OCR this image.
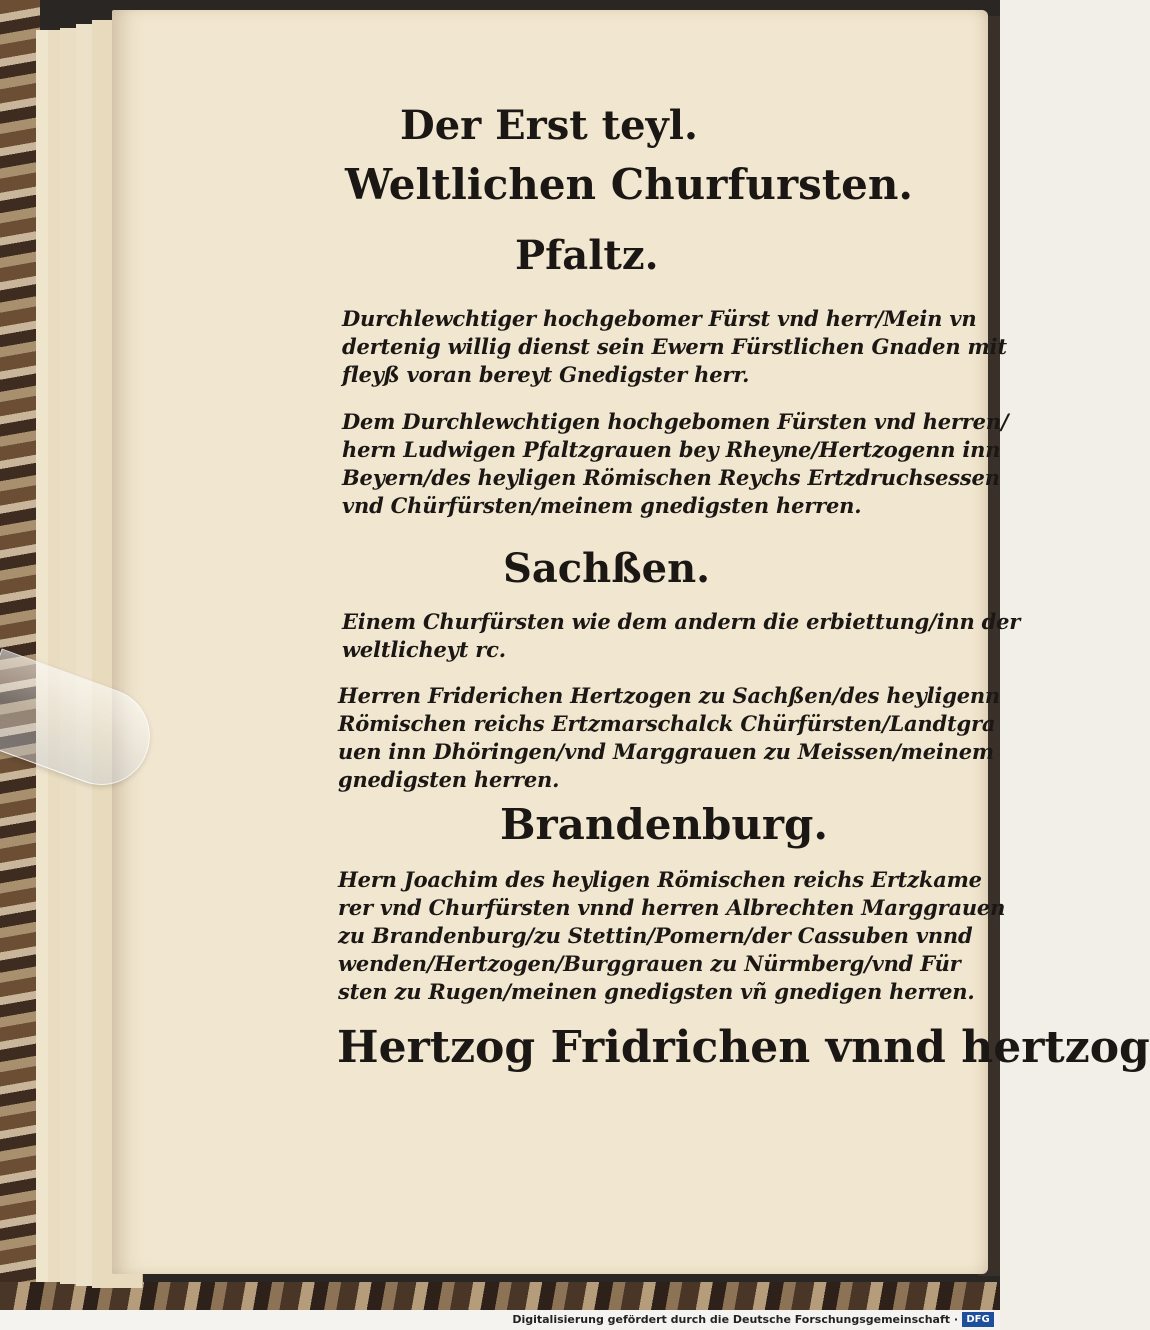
Der Erst teyl.
Weltlichen Churfursten.
Pfaltz.
Durchlewchtiger hochgebomer Fürst vnd herr/Mein vn
dertenig willig dienst sein Ewern Fürstlichen Gnaden mit
fleyß voran bereyt Gnedigster herr.
Dem Durchlewchtigen hochgebomen Fürsten vnd herren/
hern Ludwigen Pfaltzgrauen bey Rheyne/Hertzogenn inn
Beyern/des heyligen Römischen Reychs Ertzdruchsessen
vnd Chürfürsten/meinem gnedigsten herren.
Sachßen.
Einem Churfürsten wie dem andern die erbiettung/inn der
weltlicheyt rc.
Herren Friderichen Hertzogen zu Sachßen/des heyligenn
Römischen reichs Ertzmarschalck Chürfürsten/Landtgra
uen inn Dhöringen/vnd Marggrauen zu Meissen/meinem
gnedigsten herren.
Brandenburg.
Hern Joachim des heyligen Römischen reichs Ertzkame
rer vnd Churfürsten vnnd herren Albrechten Marggrauen
zu Brandenburg/zu Stettin/Pomern/der Cassuben vnnd
wenden/Hertzogen/Burggrauen zu Nürmberg/vnd Für
sten zu Rugen/meinen gnedigsten vñ gnedigen herren.
Hertzog Fridrichen vnnd hertzog
Digitalisierung gefördert durch die Deutsche Forschungsgemeinschaft · DFG
